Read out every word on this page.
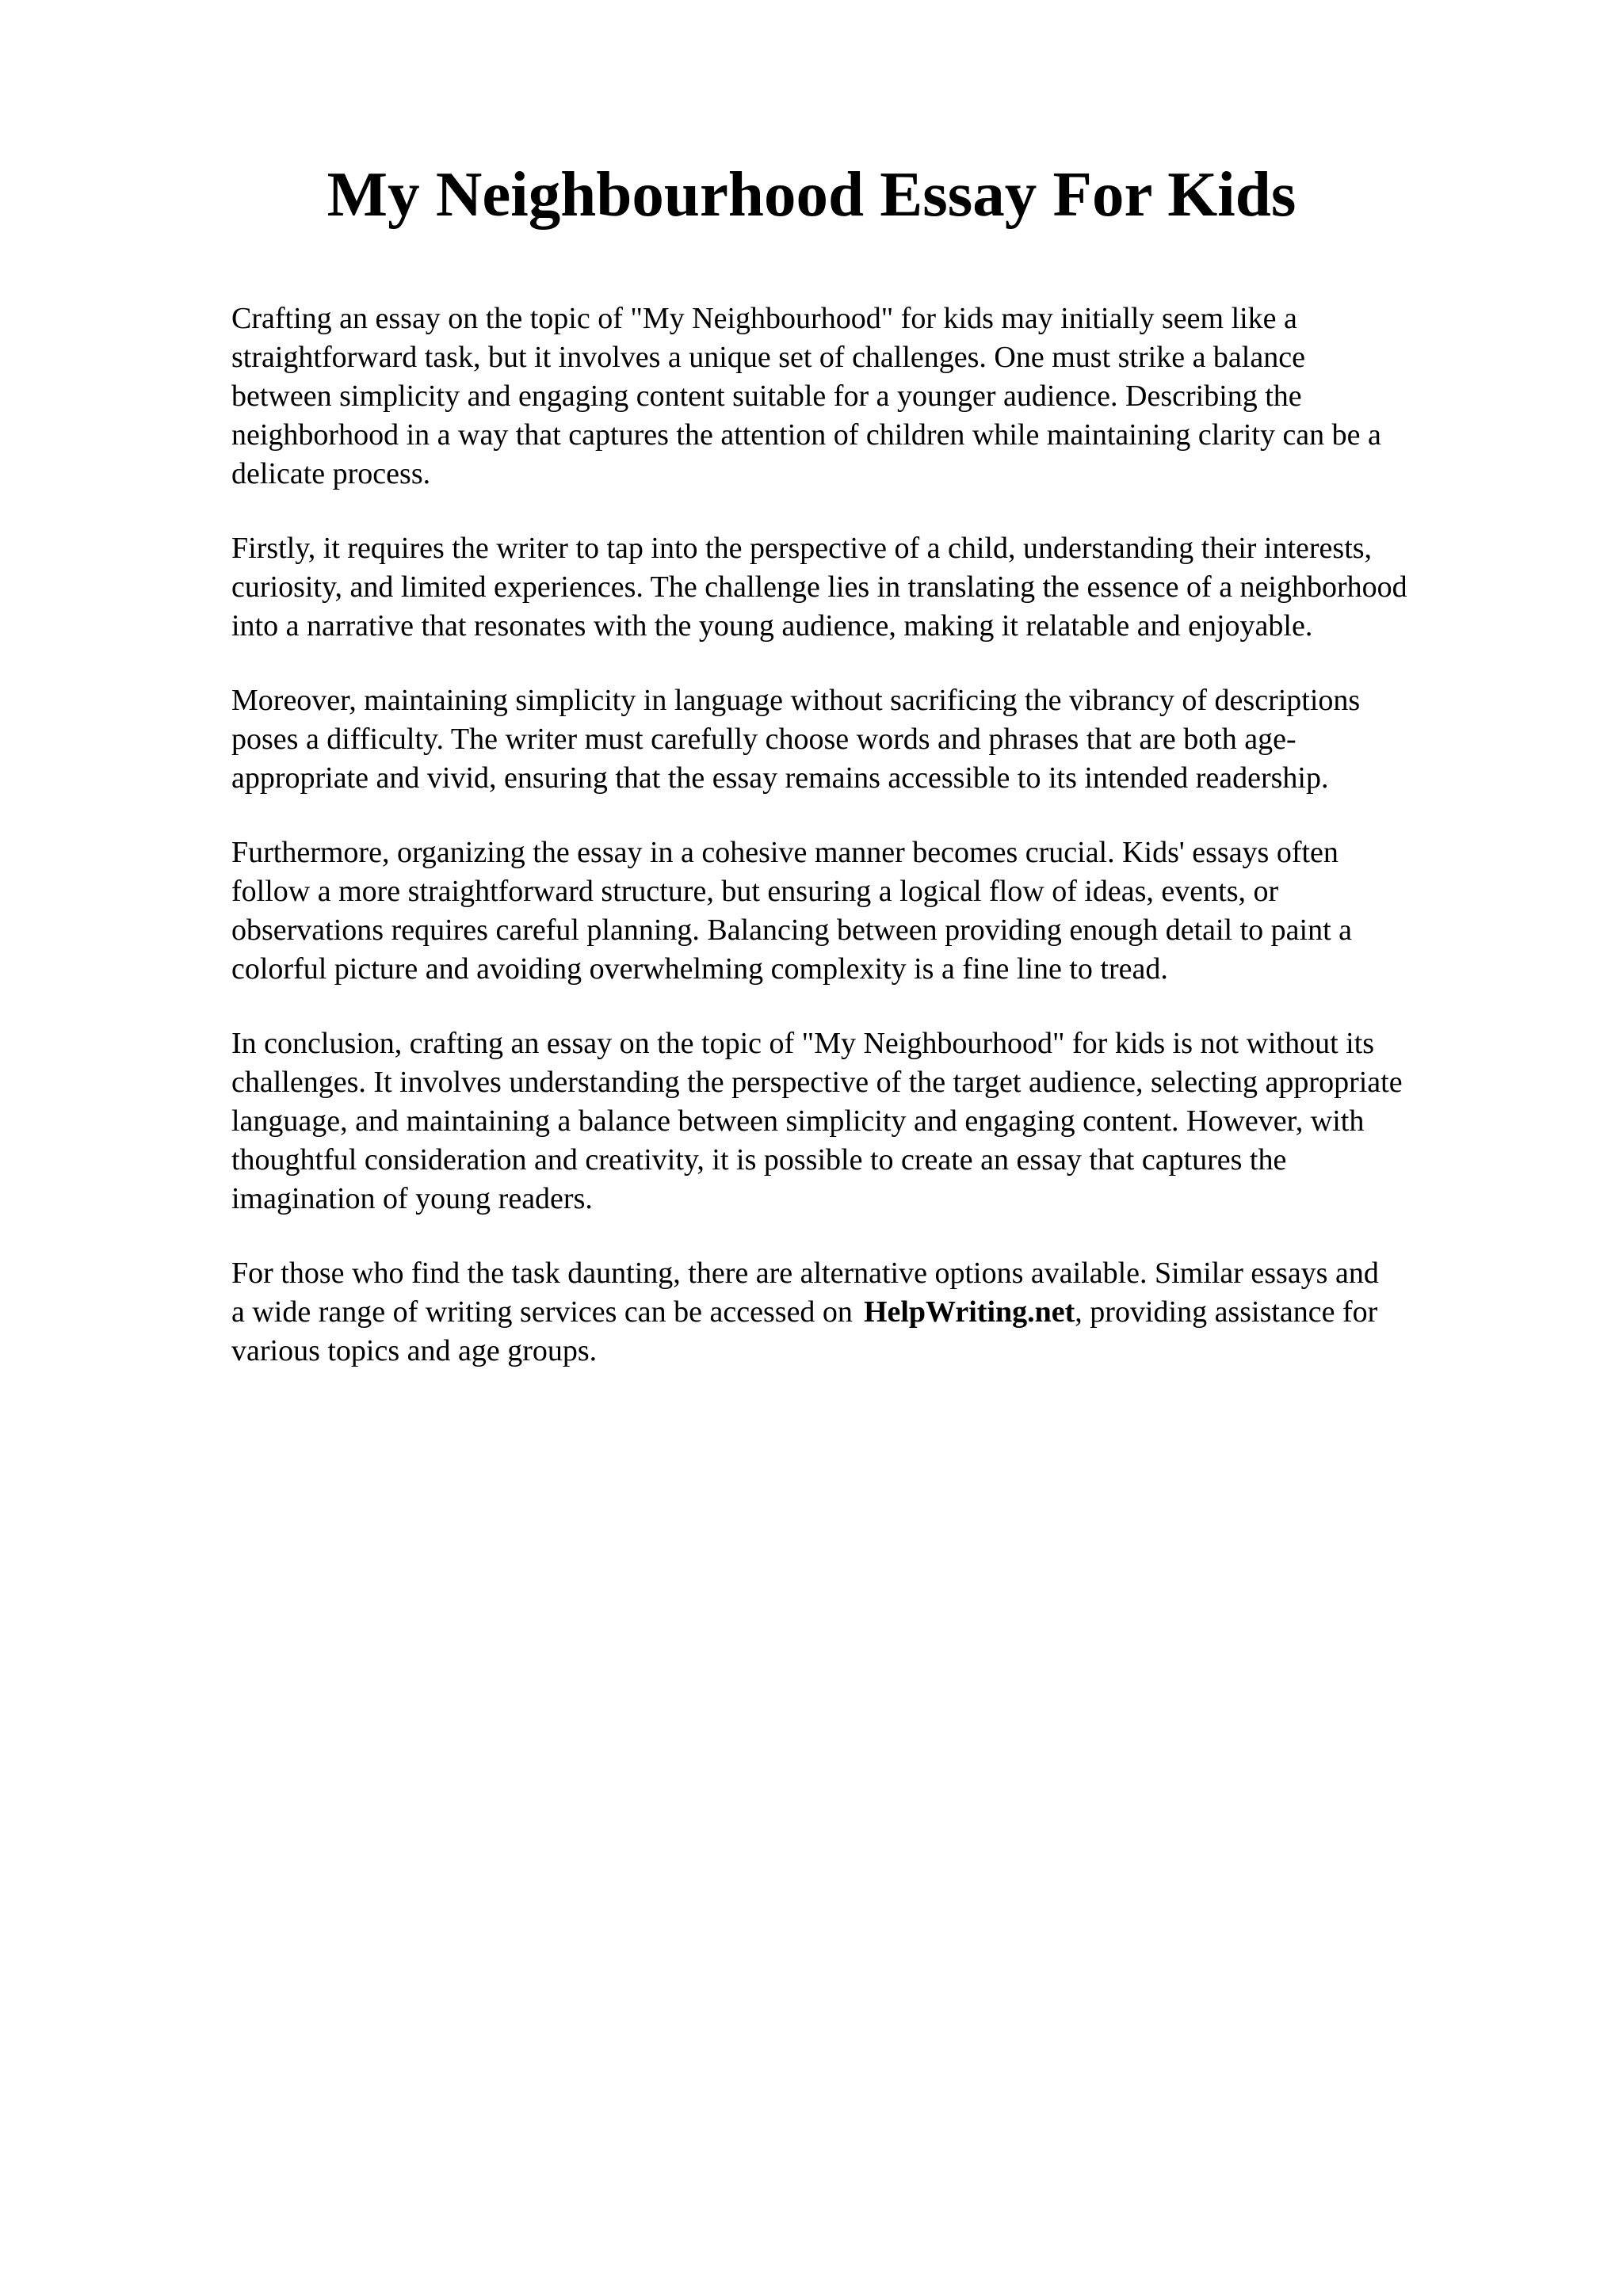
My Neighbourhood Essay For Kids

Crafting an essay on the topic of "My Neighbourhood" for kids may initially seem like a
straightforward task, but it involves a unique set of challenges. One must strike a balance
between simplicity and engaging content suitable for a younger audience. Describing the
neighborhood in a way that captures the attention of children while maintaining clarity can be a
delicate process.

Firstly, it requires the writer to tap into the perspective of a child, understanding their interests,
curiosity, and limited experiences. The challenge lies in translating the essence of a neighborhood
into a narrative that resonates with the young audience, making it relatable and enjoyable.

Moreover, maintaining simplicity in language without sacrificing the vibrancy of descriptions
poses a difficulty. The writer must carefully choose words and phrases that are both age-
appropriate and vivid, ensuring that the essay remains accessible to its intended readership.

Furthermore, organizing the essay in a cohesive manner becomes crucial. Kids' essays often
follow a more straightforward structure, but ensuring a logical flow of ideas, events, or
observations requires careful planning. Balancing between providing enough detail to paint a
colorful picture and avoiding overwhelming complexity is a fine line to tread.

In conclusion, crafting an essay on the topic of "My Neighbourhood" for kids is not without its
challenges. It involves understanding the perspective of the target audience, selecting appropriate
language, and maintaining a balance between simplicity and engaging content. However, with
thoughtful consideration and creativity, it is possible to create an essay that captures the
imagination of young readers.

For those who find the task daunting, there are alternative options available. Similar essays and
a wide range of writing services can be accessed on HelpWriting.net, providing assistance for
various topics and age groups.
